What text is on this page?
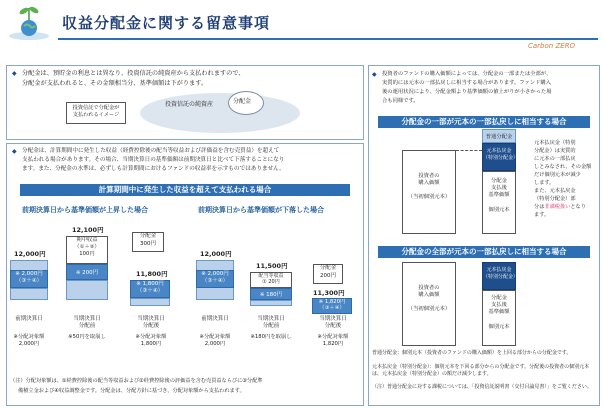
収益分配金に関する留意事項
Carbon ZERO
◆ 分配金は、預貯金の利息とは異なり、投資信託の純資産から支払われますので、
分配金が支払われると、その金額相当分、基準価額は下がります。
投資信託で分配金が
支払われるイメージ
投資信託の純資産	分配金
◆ 分配金は、計算期間中に発生した収益（経費控除後の配当等収益および評価益を含む売買益）を超えて
支払われる場合があります。その場合、当期決算日の基準価額は前期決算日と比べて下落することになり
ます。また、分配金の水準は、必ずしも計算期間におけるファンドの収益率を示すものではありません。
計算期間中に発生した収益を超えて支払われる場合
前期決算日から基準価額が上昇した場合	前期決算日から基準価額が下落した場合
12,000円
※ 2,000円
（③＋④）
12,100円
期中収益
（①＋②）
100円
※ 200円
分配金
300円
11,800円
※ 1,800円
（③＋④）
前期決算日	当期決算日
分配前
当期決算日
分配後
※分配対象額
2,000円
※50円を取崩し	※分配対象額
1,800円
12,000円
※ 2,000円
（③＋④）
11,500円
配当等収益
① 20円
※ 180円
分配金
200円
11,300円
※ 1,820円
（③＋④）
前期決算日	当期決算日
分配前
当期決算日
分配後
※分配対象額
2,000円
※180円を取崩し	※分配対象額
1,820円
（注）分配対象額は、①経費控除後の配当等収益および②経費控除後の評価益を含む売買益ならびに③分配準
備積立金および④収益調整金です。分配金は、分配方針に基づき、分配対象額から支払われます。
◆ 投資者のファンドの購入価額によっては、分配金の一部または全部が、
実質的には元本の一部払戻しに相当する場合があります。ファンド購入
後の運用状況により、分配金額より基準価額の値上がりが小さかった場
合も同様です。
分配金の一部が元本の一部払戻しに相当する場合
普通分配金
元本払戻金
（特別分配金）
投資者の
購入価額

（当初個別元本）
分配金
支払後
基準価額

個別元本
元本払戻金（特別
分配金）は実質的
に元本の一部払戻
しとみなされ、その金額
だけ個別元本が減少
します。
また、元本払戻金
（特別分配金）部
分は非課税扱いとなり
ます。
分配金の全部が元本の一部払戻しに相当する場合
投資者の
購入価額

（当初個別元本）
元本払戻金
（特別分配金）
分配金
支払後
基準価額

個別元本
普通分配金：個別元本（投資者のファンドの購入価額）を上回る部分からの分配金です。
元本払戻金（特別分配金）：個別元本を下回る部分からの分配金です。分配後の投資者の個別元本は、元本払戻金（特別分配金）の額だけ減少します。
（注）普通分配金に対する課税については、「投資信託説明書（交付目論見書）」をご覧ください。
